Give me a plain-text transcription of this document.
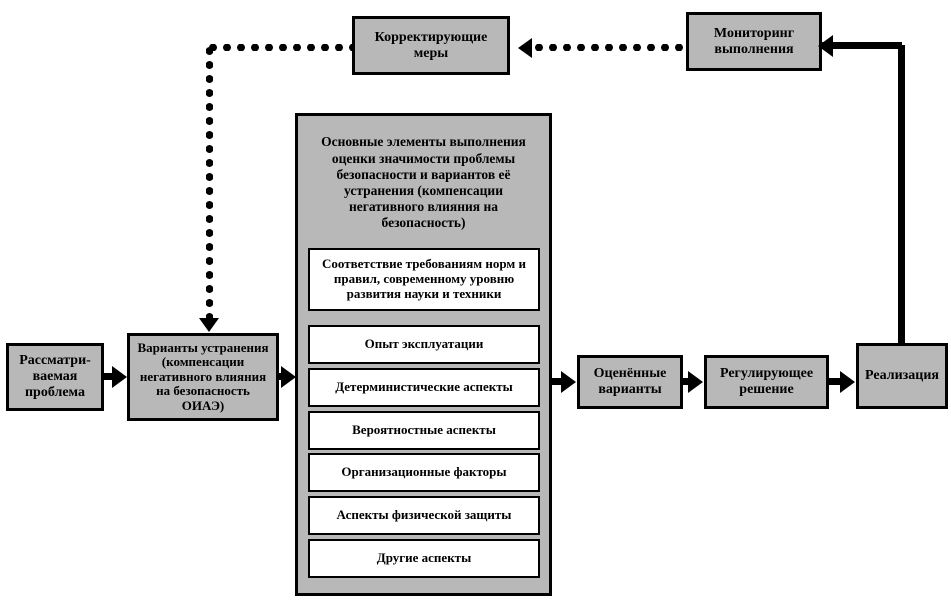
Корректирующие меры
Мониторинг выполнения
Рассматри-ваемая проблема
Варианты устранения (компенсации негативного влияния на безопасность ОИАЭ)
Оценённые варианты
Регулирующее решение
Реализация
Основные элементы выполнения оценки значимости проблемы безопасности и вариантов её устранения (компенсации негативного влияния на безопасность)
Соответствие требованиям норм и правил, современному уровню развития науки и техники
Опыт эксплуатации
Детерминистические аспекты
Вероятностные аспекты
Организационные факторы
Аспекты физической защиты
Другие аспекты
